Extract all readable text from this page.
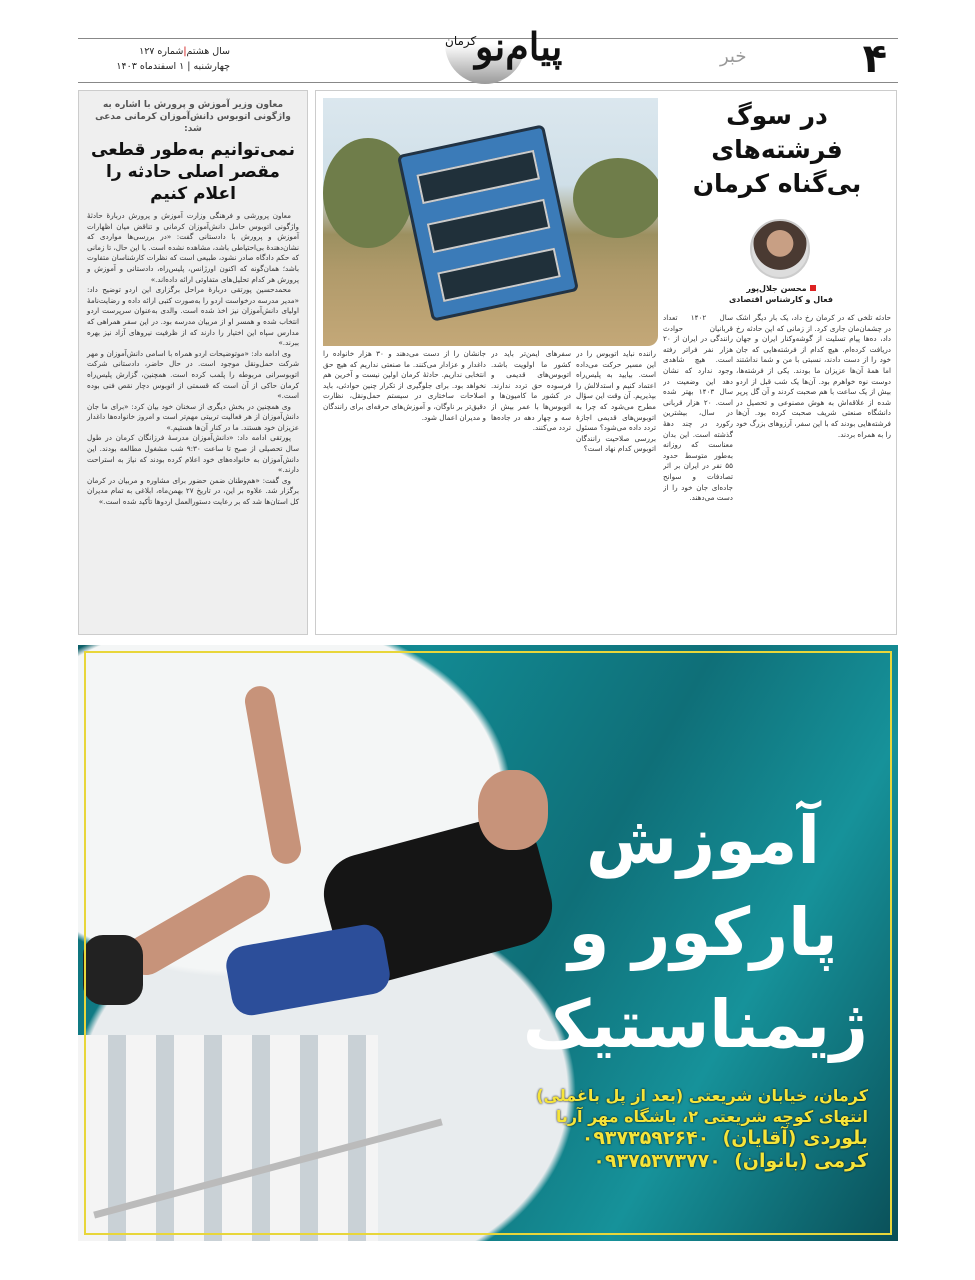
۴
خبر
پیام‌نو
کرمان
سال هشتم|شماره ۱۲۷
چهارشنبه | ۱ اسفندماه ۱۴۰۳
معاون وزیر آموزش و پرورش با اشاره به واژگونی اتوبوس دانش‌آموزان کرمانی مدعی شد:
نمی‌توانیم به‌طور قطعی مقصر اصلی حادثه را اعلام کنیم

معاون پرورشی و فرهنگی وزارت آموزش و پرورش دربارهٔ حادثهٔ واژگونی اتوبوس حامل دانش‌آموزان کرمانی و تناقض میان اظهارات آموزش و پرورش با دادستانی گفت: «در بررسی‌ها مواردی که نشان‌دهندهٔ بی‌احتیاطی باشد، مشاهده نشده است. با این حال، تا زمانی که حکم دادگاه صادر نشود، طبیعی است که نظرات کارشناسان متفاوت باشد؛ همان‌گونه که اکنون اورژانس، پلیس‌راه، دادستانی و آموزش و پرورش هر کدام تحلیل‌های متفاوتی ارائه داده‌اند.»

محمدحسین پورتقی دربارهٔ مراحل برگزاری این اردو توضیح داد: «مدیر مدرسه درخواست اردو را به‌صورت کتبی ارائه داده و رضایت‌نامهٔ اولیای دانش‌آموزان نیز اخذ شده است. والدی به‌عنوان سرپرست اردو انتخاب شده و همسر او از مربیان مدرسه بود. در این سفر همراهی که مدارس سپاه این اختیار را دارند که از ظرفیت نیروهای آزاد نیز بهره ببرند.»

وی ادامه داد: «موتوضیحات اردو همراه با اسامی دانش‌آموزان و مهر شرکت حمل‌ونقل موجود است. در حال حاضر، دادستانی شرکت اتوبوسرانی مربوطه را پلمب کرده است. همچنین، گزارش پلیس‌راه کرمان حاکی از آن است که قسمتی از اتوبوس دچار نقص فنی بوده است.»

وی همچنین در بخش دیگری از سخنان خود بیان کرد: «برای ما جان دانش‌آموزان از هر فعالیت تربیتی مهم‌تر است و امروز خانواده‌ها داغدار عزیزان خود هستند. ما در کنار آن‌ها هستیم.»

پورتقی ادامه داد: «دانش‌آموزان مدرسهٔ فرزانگان کرمان در طول سال تحصیلی از صبح تا ساعت ۹:۳۰ شب مشغول مطالعه بودند. این دانش‌آموزان به خانواده‌های خود اعلام کرده بودند که نیاز به استراحت دارند.»

وی گفت: «هم‌وطنان ضمن حضور برای مشاوره و مربیان در کرمان برگزار شد. علاوه بر این، در تاریخ ۲۷ بهمن‌ماه، ابلاغی به تمام مدیران کل استان‌ها شد که بر رعایت دستورالعمل اردوها تأکید شده است.»

در سوگ فرشته‌های بی‌گناه کرمان
محسن جلال‌پور
فعال و کارشناس اقتصادی
حادثه تلخی که در کرمان رخ داد، یک بار دیگر اشک در چشمان‌مان جاری کرد. از زمانی که این حادثه رخ داد، ده‌ها پیام تسلیت از گوشه‌وکنار ایران و جهان دریافت کرده‌ام. هیچ کدام از فرشته‌هایی که جان خود را از دست دادند، نسبتی با من و شما نداشتند اما همهٔ آن‌ها عزیزان ما بودند. یکی از فرشته‌ها، دوست نوه خواهرم بود. آن‌ها یک شب قبل از اردو بیش از یک ساعت با هم صحبت کردند و آن گل پرپر شده از علاقه‌اش به هوش مصنوعی و تحصیل در دانشگاه صنعتی شریف صحبت کرده بود. آن‌ها فرشته‌هایی بودند که با این سفر، آرزوهای بزرگ خود را به همراه بردند.
سال ۱۴۰۲ تعداد قربانیان حوادث رانندگی در ایران از ۲۰ هزار نفر فراتر رفته است. هیچ شاهدی وجود ندارد که نشان دهد این وضعیت در سال ۱۴۰۳ بهتر شده است. ۲۰ هزار قربانی در سال، بیشترین رکورد در چند دههٔ گذشته است. این بدان معناست که روزانه به‌طور متوسط حدود ۵۵ نفر در ایران بر اثر تصادفات و سوانح جاده‌ای جان خود را از دست می‌دهند.
راننده نباید اتوبوس را در این مسیر حرکت می‌داده است. بیایید به پلیس‌راه اعتماد کنیم و استدلالش را بپذیریم. آن وقت این سؤال مطرح می‌شود که چرا به اتوبوس‌های قدیمی اجازهٔ تردد داده می‌شود؟ مسئول بررسی صلاحیت رانندگان اتوبوس کدام نهاد است؟
سفرهای ایمن‌تر باید در کشور ما اولویت باشد. اتوبوس‌های قدیمی و فرسوده حق تردد ندارند. در کشور ما کامیون‌ها و اتوبوس‌ها با عمر بیش از سه و چهار دهه در جاده‌ها تردد می‌کنند.
جانشان را از دست می‌دهند و ۳۰ هزار خانواده را داغدار و عزادار می‌کنند. ما صنعتی نداریم که هیچ حق انتخابی نداریم. حادثهٔ کرمان اولین نیست و آخرین هم نخواهد بود. برای جلوگیری از تکرار چنین حوادثی، باید اصلاحات ساختاری در سیستم حمل‌ونقل، نظارت دقیق‌تر بر ناوگان، و آموزش‌های حرفه‌ای برای رانندگان و مدیران اعمال شود.
آموزش
پارکور و
ژیمناستیک
کرمان، خیابان شریعتی (بعد از پل باغملی)
انتهای کوچه شریعتی ۲، باشگاه مهر آریا
بلوردی (آقایان)  ۰۹۳۷۳۵۹۲۶۴۰
کرمی (بانوان)  ۰۹۳۷۵۳۷۳۷۷۰
